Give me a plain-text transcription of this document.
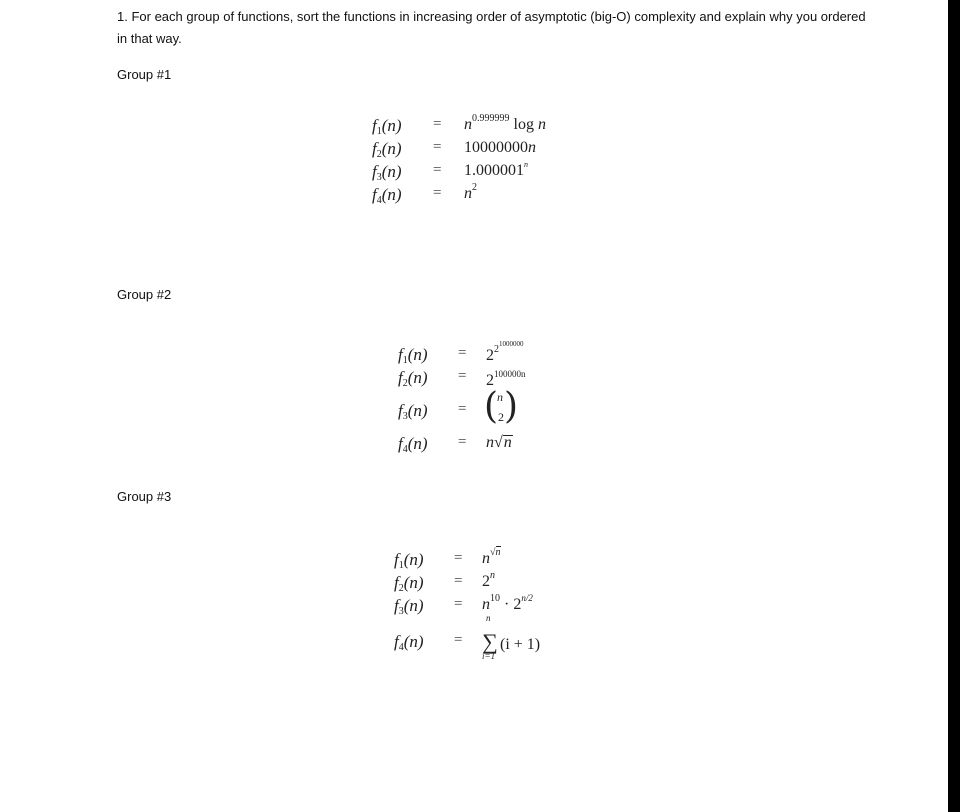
1. For each group of functions, sort the functions in increasing order of asymptotic (big-O) complexity and explain why you ordered in that way.
Group #1
$f1(n) = n^{0.999999}$ log n
f2(n) = 10000000n
$f3(n) = 1.000001^n$
$f4(n) = n^2$
Group #2
$f1(n) = 2^{21000000}$
$f2(n) = 2^{100000n}$
f3(n) = (
n
2 )
f4(n) = n√n
Group #3
$f1(n) = n^{√n}$
$f2(n) = 2^n$
$f3(n) = n^{10} \cdot 2^{n/2}$
f4(n) =
n
∑
i=1
(i + 1)
